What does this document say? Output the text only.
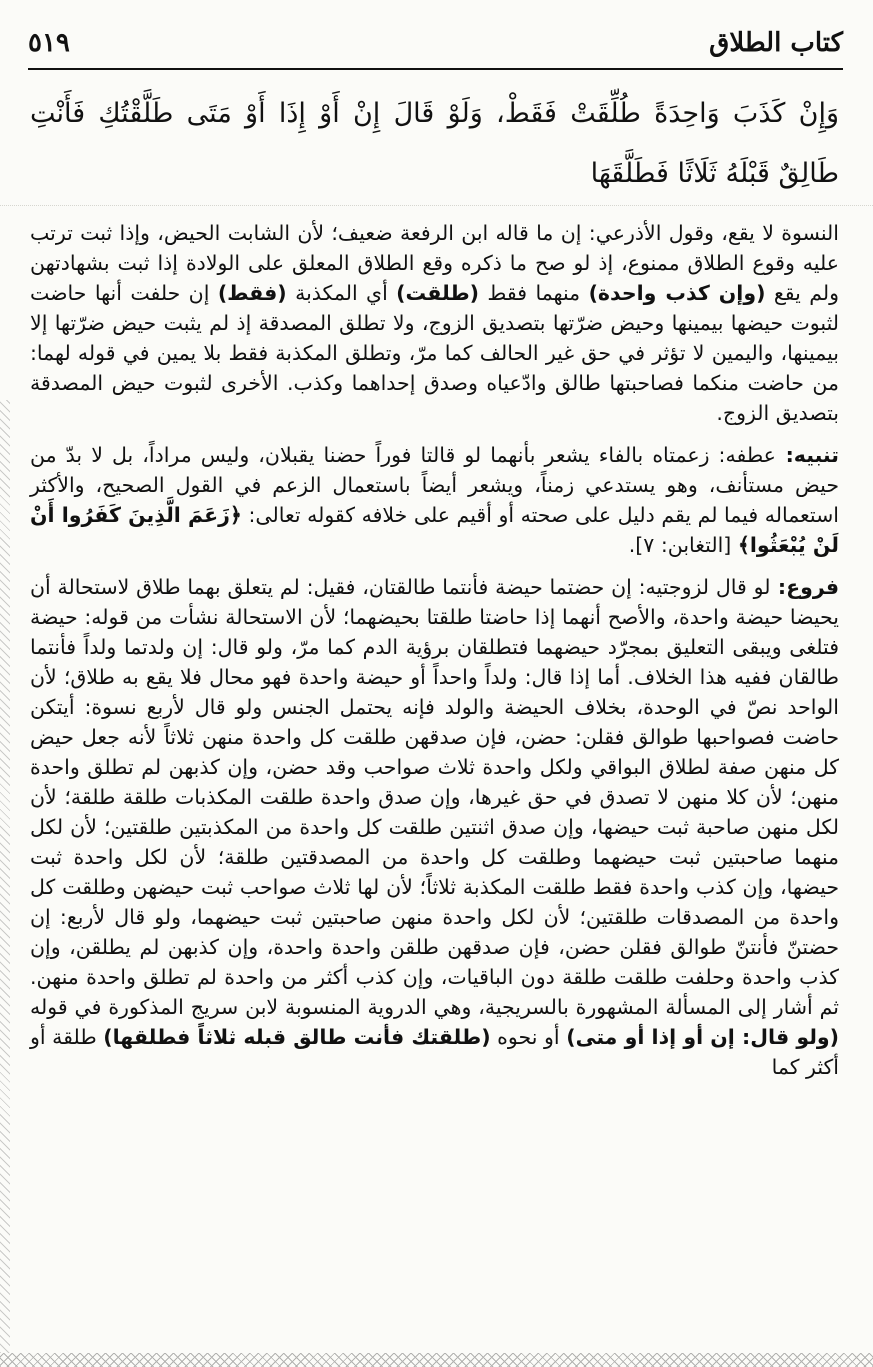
كتاب الطلاق
٥١٩
وَإِنْ كَذَبَ وَاحِدَةً طُلِّقَتْ فَقَطْ، وَلَوْ قَالَ إِنْ أَوْ إِذَا أَوْ مَتَى طَلَّقْتُكِ فَأَنْتِ طَالِقٌ قَبْلَهُ ثَلَاثًا فَطَلَّقَهَا

النسوة لا يقع، وقول الأذرعي: إن ما قاله ابن الرفعة ضعيف؛ لأن الشابت الحيض، وإذا ثبت ترتب عليه وقوع الطلاق ممنوع، إذ لو صح ما ذكره وقع الطلاق المعلق على الولادة إذا ثبت بشهادتهن ولم يقع (وإن كذب واحدة) منهما فقط (طلقت) أي المكذبة (فقط) إن حلفت أنها حاضت لثبوت حيضها بيمينها وحيض ضرّتها بتصديق الزوج، ولا تطلق المصدقة إذ لم يثبت حيض ضرّتها إلا بيمينها، واليمين لا تؤثر في حق غير الحالف كما مرّ، وتطلق المكذبة فقط بلا يمين في قوله لهما: من حاضت منكما فصاحبتها طالق وادّعياه وصدق إحداهما وكذب. الأخرى لثبوت حيض المصدقة بتصديق الزوج.

تنبيه: عطفه: زعمتاه بالفاء يشعر بأنهما لو قالتا فوراً حضنا يقبلان، وليس مراداً، بل لا بدّ من حيض مستأنف، وهو يستدعي زمناً، ويشعر أيضاً باستعمال الزعم في القول الصحيح، والأكثر استعماله فيما لم يقم دليل على صحته أو أقيم على خلافه كقوله تعالى: ﴿زَعَمَ الَّذِينَ كَفَرُوا أَنْ لَنْ يُبْعَثُوا﴾ [التغابن: ٧].

فروع: لو قال لزوجتيه: إن حضتما حيضة فأنتما طالقتان، فقيل: لم يتعلق بهما طلاق لاستحالة أن يحيضا حيضة واحدة، والأصح أنهما إذا حاضتا طلقتا بحيضهما؛ لأن الاستحالة نشأت من قوله: حيضة فتلغى ويبقى التعليق بمجرّد حيضهما فتطلقان برؤية الدم كما مرّ، ولو قال: إن ولدتما ولداً فأنتما طالقان ففيه هذا الخلاف. أما إذا قال: ولداً واحداً أو حيضة واحدة فهو محال فلا يقع به طلاق؛ لأن الواحد نصّ في الوحدة، بخلاف الحيضة والولد فإنه يحتمل الجنس ولو قال لأربع نسوة: أيتكن حاضت فصواحبها طوالق فقلن: حضن، فإن صدقهن طلقت كل واحدة منهن ثلاثاً لأنه جعل حيض كل منهن صفة لطلاق البواقي ولكل واحدة ثلاث صواحب وقد حضن، وإن كذبهن لم تطلق واحدة منهن؛ لأن كلا منهن لا تصدق في حق غيرها، وإن صدق واحدة طلقت المكذبات طلقة طلقة؛ لأن لكل منهن صاحبة ثبت حيضها، وإن صدق اثنتين طلقت كل واحدة من المكذبتين طلقتين؛ لأن لكل منهما صاحبتين ثبت حيضهما وطلقت كل واحدة من المصدقتين طلقة؛ لأن لكل واحدة ثبت حيضها، وإن كذب واحدة فقط طلقت المكذبة ثلاثاً؛ لأن لها ثلاث صواحب ثبت حيضهن وطلقت كل واحدة من المصدقات طلقتين؛ لأن لكل واحدة منهن صاحبتين ثبت حيضهما، ولو قال لأربع: إن حضتنّ فأنتنّ طوالق فقلن حضن، فإن صدقهن طلقن واحدة واحدة، وإن كذبهن لم يطلقن، وإن كذب واحدة وحلفت طلقت طلقة دون الباقيات، وإن كذب أكثر من واحدة لم تطلق واحدة منهن. ثم أشار إلى المسألة المشهورة بالسريجية، وهي الدروية المنسوبة لابن سريج المذكورة في قوله (ولو قال: إن أو إذا أو متى) أو نحوه (طلقتك فأنت طالق قبله ثلاثاً فطلقها) طلقة أو أكثر كما
